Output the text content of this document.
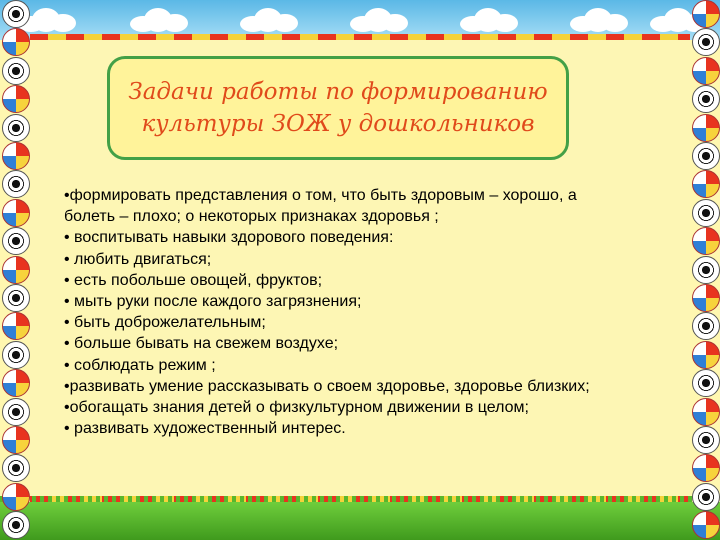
Задачи работы по формированию
культуры ЗОЖ у дошкольников
•формировать представления о том, что быть здоровым – хорошо, а
болеть – плохо; о некоторых признаках здоровья ;
• воспитывать навыки здорового поведения:
• любить двигаться;
• есть побольше овощей, фруктов;
• мыть руки после каждого загрязнения;
• быть доброжелательным;
• больше бывать на свежем воздухе;
• соблюдать режим ;
•развивать умение рассказывать о своем здоровье, здоровье близких;
•обогащать знания детей о физкультурном движении в целом;
• развивать художественный интерес.
